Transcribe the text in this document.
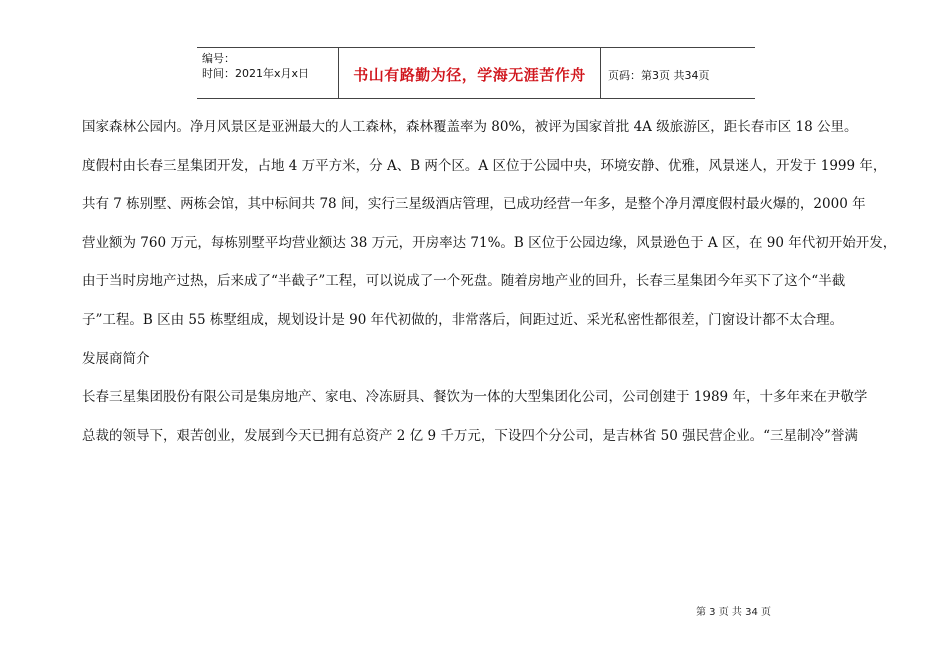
编号：
时间：2021年x月x日	书山有路勤为径，学海无涯苦作舟	页码：第3页 共34页
国家森林公园内。净月风景区是亚洲最大的人工森林，森林覆盖率为 80%，被评为国家首批 4A 级旅游区，距长春市区 18 公里。
度假村由长春三星集团开发，占地 4 万平方米，分 A、B 两个区。A 区位于公园中央，环境安静、优雅，风景迷人，开发于 1999 年，
共有 7 栋别墅、两栋会馆，其中标间共 78 间，实行三星级酒店管理，已成功经营一年多，是整个净月潭度假村最火爆的，2000 年
营业额为 760 万元，每栋别墅平均营业额达 38 万元，开房率达 71%。B 区位于公园边缘，风景逊色于 A 区，在 90 年代初开始开发，
由于当时房地产过热，后来成了“半截子”工程，可以说成了一个死盘。随着房地产业的回升，长春三星集团今年买下了这个“半截
子”工程。B 区由 55 栋墅组成，规划设计是 90 年代初做的，非常落后，间距过近、采光私密性都很差，门窗设计都不太合理。
发展商简介
长春三星集团股份有限公司是集房地产、家电、冷冻厨具、餐饮为一体的大型集团化公司，公司创建于 1989 年，十多年来在尹敬学
总裁的领导下，艰苦创业，发展到今天已拥有总资产 2 亿 9 千万元，下设四个分公司，是吉林省 50 强民营企业。“三星制冷”誉满
第 3 页 共 34 页
